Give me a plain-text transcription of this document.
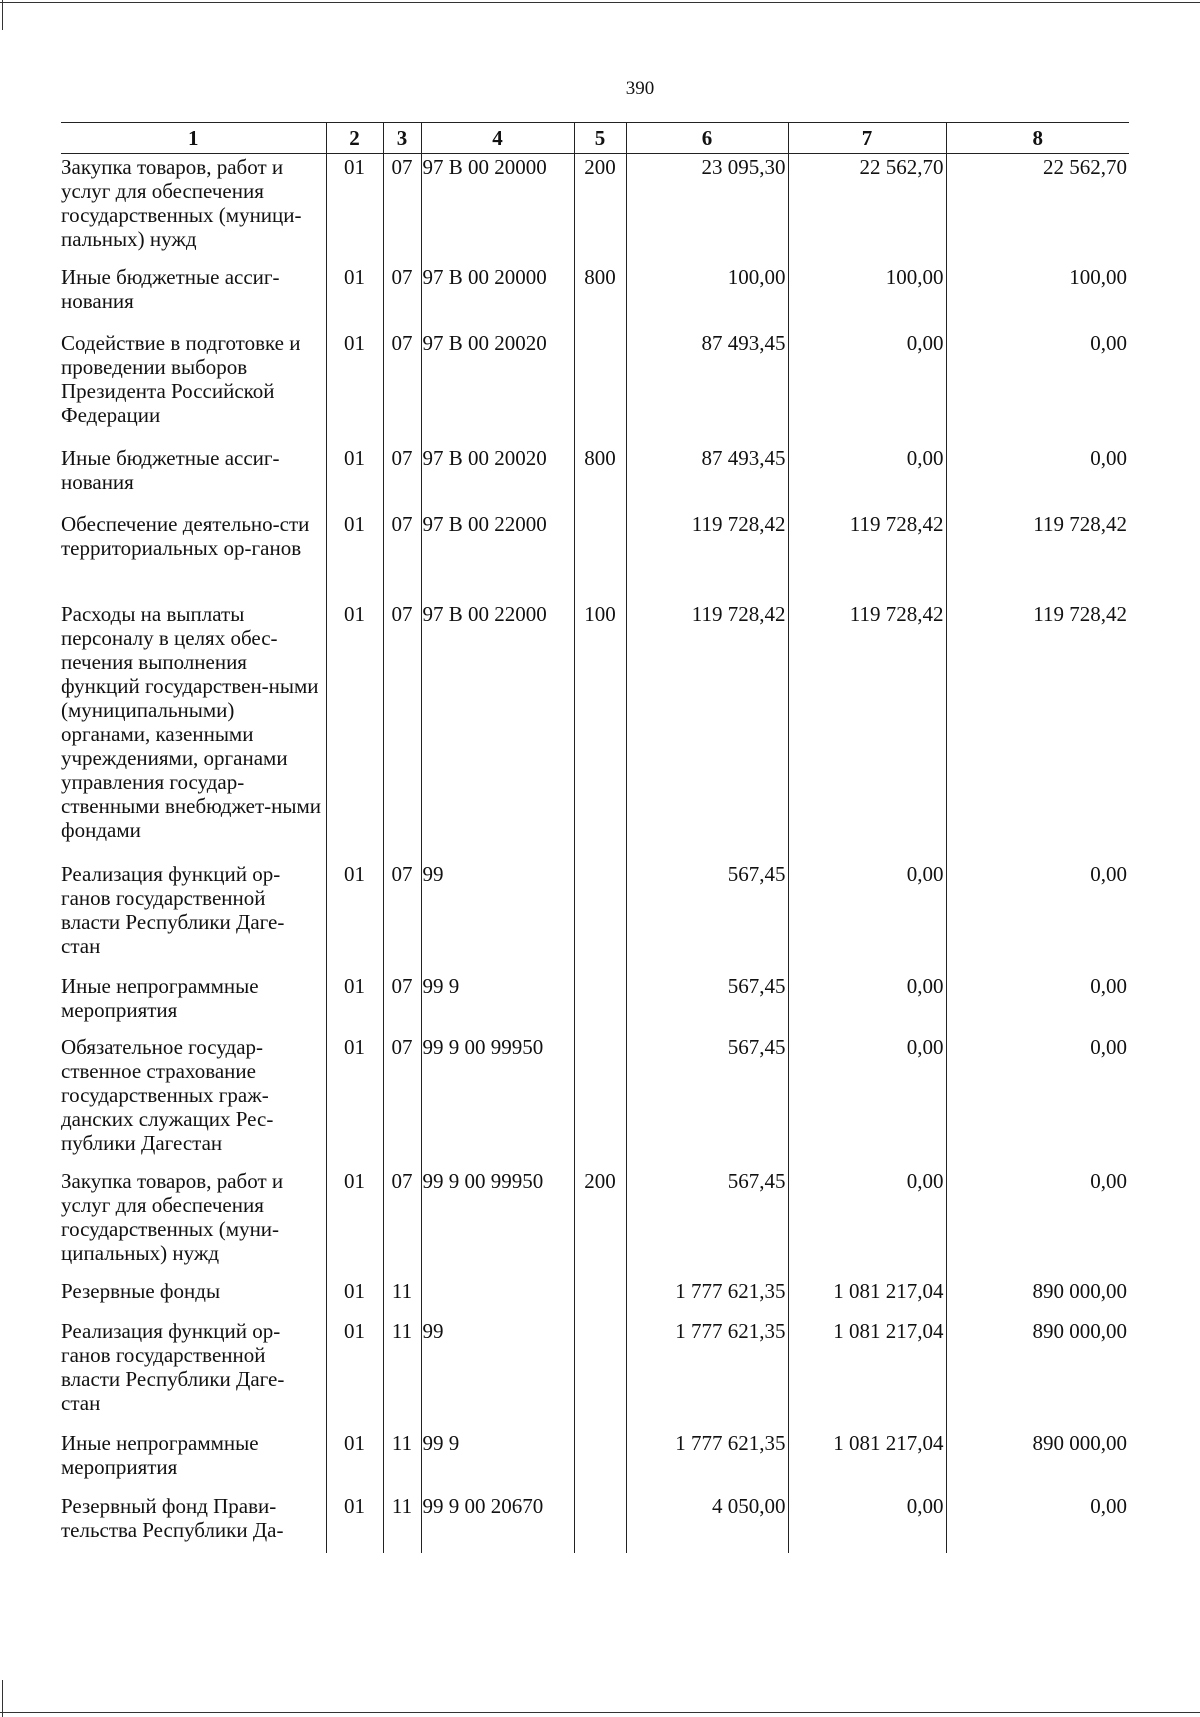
390
1	2	3	4	5	6	7	8
Закупка товаров, работ и услуг для обеспечения государственных (муници-пальных) нужд	01	07	97 В 00 20000	200	23 095,30	22 562,70	22 562,70
Иные бюджетные ассиг-нования	01	07	97 В 00 20000	800	100,00	100,00	100,00
Содействие в подготовке и проведении выборов Президента Российской Федерации	01	07	97 В 00 20020		87 493,45	0,00	0,00
Иные бюджетные ассиг-нования	01	07	97 В 00 20020	800	87 493,45	0,00	0,00
Обеспечение деятельно-сти территориальных ор-ганов	01	07	97 В 00 22000		119 728,42	119 728,42	119 728,42
Расходы на выплаты персоналу в целях обес-печения выполнения функций государствен-ными (муниципальными) органами, казенными учреждениями, органами управления государ-ственными внебюджет-ными фондами	01	07	97 В 00 22000	100	119 728,42	119 728,42	119 728,42
Реализация функций ор-ганов государственной власти Республики Даге-стан	01	07	99		567,45	0,00	0,00
Иные непрограммные мероприятия	01	07	99 9		567,45	0,00	0,00
Обязательное государ-ственное страхование государственных граж-данских служащих Рес-публики Дагестан	01	07	99 9 00 99950		567,45	0,00	0,00
Закупка товаров, работ и услуг для обеспечения государственных (муни-ципальных) нужд	01	07	99 9 00 99950	200	567,45	0,00	0,00
Резервные фонды	01	11			1 777 621,35	1 081 217,04	890 000,00
Реализация функций ор-ганов государственной власти Республики Даге-стан	01	11	99		1 777 621,35	1 081 217,04	890 000,00
Иные непрограммные мероприятия	01	11	99 9		1 777 621,35	1 081 217,04	890 000,00
Резервный фонд Прави-тельства Республики Да-	01	11	99 9 00 20670		4 050,00	0,00	0,00
